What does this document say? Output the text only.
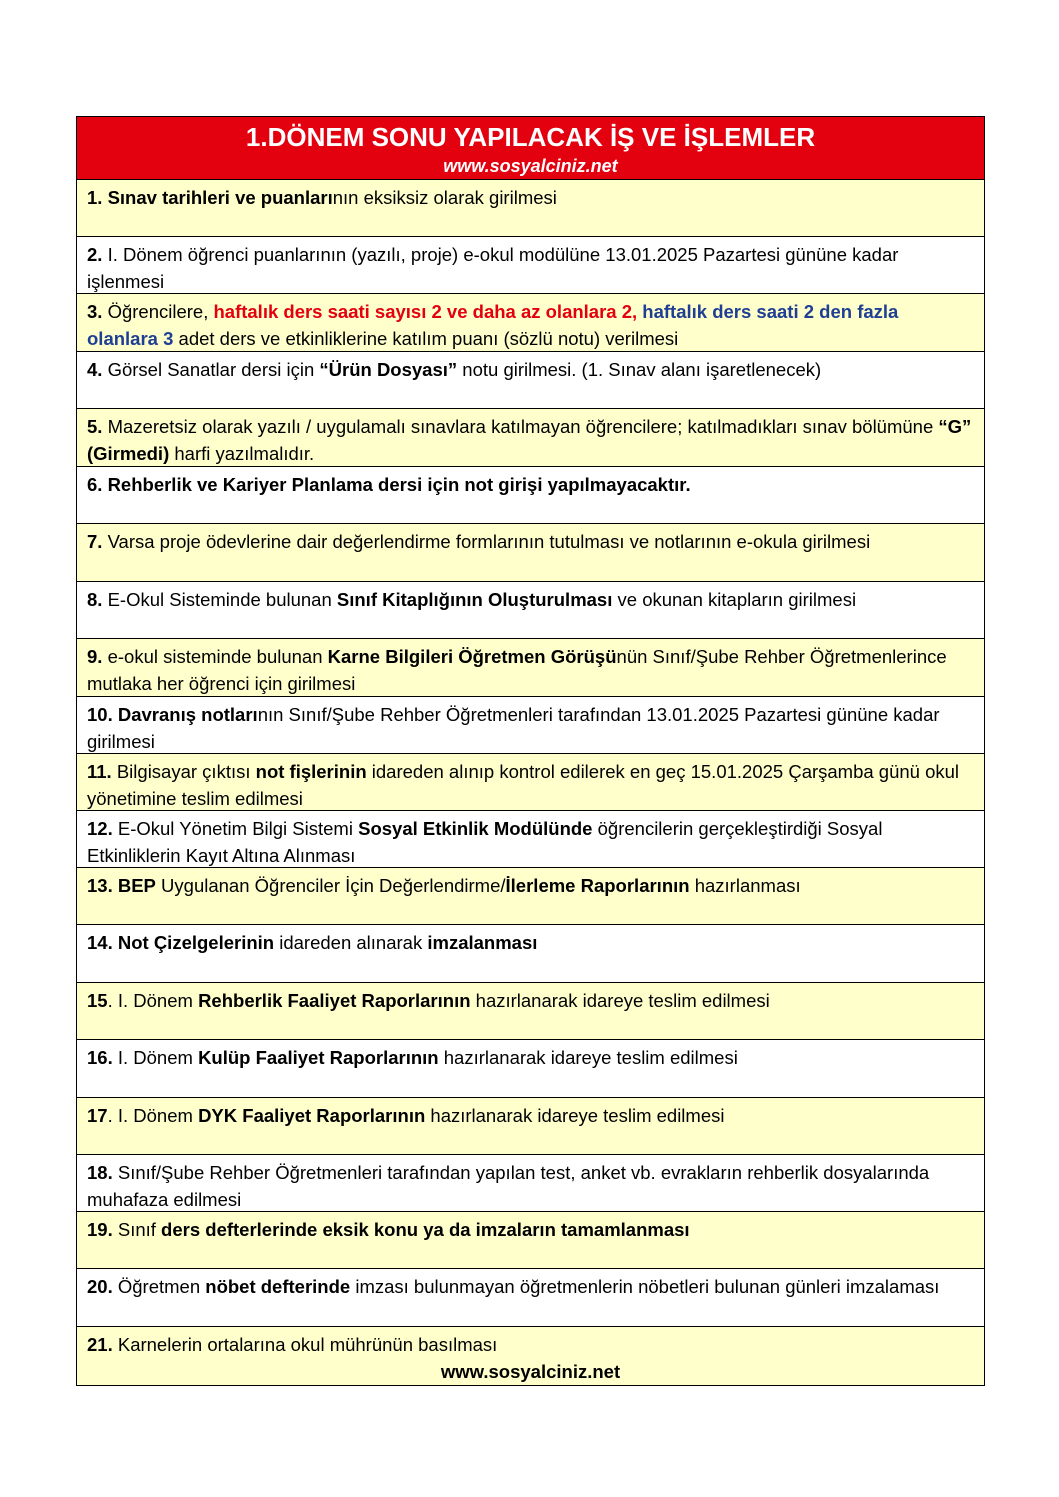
1.DÖNEM SONU YAPILACAK İŞ VE İŞLEMLER
www.sosyalciniz.net
1. Sınav tarihleri ve puanlarının eksiksiz olarak girilmesi
2. I. Dönem öğrenci puanlarının (yazılı, proje) e-okul modülüne 13.01.2025 Pazartesi gününe kadar işlenmesi
3. Öğrencilere, haftalık ders saati sayısı 2 ve daha az olanlara 2, haftalık ders saati 2 den fazla olanlara 3 adet ders ve etkinliklerine katılım puanı (sözlü notu) verilmesi
4. Görsel Sanatlar dersi için “Ürün Dosyası” notu girilmesi. (1. Sınav alanı işaretlenecek)
5. Mazeretsiz olarak yazılı / uygulamalı sınavlara katılmayan öğrencilere; katılmadıkları sınav bölümüne “G” (Girmedi) harfi yazılmalıdır.
6. Rehberlik ve Kariyer Planlama dersi için not girişi yapılmayacaktır.
7. Varsa proje ödevlerine dair değerlendirme formlarının tutulması ve notlarının e-okula girilmesi
8. E-Okul Sisteminde bulunan Sınıf Kitaplığının Oluşturulması ve okunan kitapların girilmesi
9. e-okul sisteminde bulunan Karne Bilgileri Öğretmen Görüşünün Sınıf/Şube Rehber Öğretmenlerince mutlaka her öğrenci için girilmesi
10. Davranış notlarının Sınıf/Şube Rehber Öğretmenleri tarafından 13.01.2025 Pazartesi gününe kadar girilmesi
11. Bilgisayar çıktısı not fişlerinin idareden alınıp kontrol edilerek en geç 15.01.2025 Çarşamba günü okul yönetimine teslim edilmesi
12. E-Okul Yönetim Bilgi Sistemi Sosyal Etkinlik Modülünde öğrencilerin gerçekleştirdiği Sosyal Etkinliklerin Kayıt Altına Alınması
13. BEP Uygulanan Öğrenciler İçin Değerlendirme/İlerleme Raporlarının hazırlanması
14. Not Çizelgelerinin idareden alınarak imzalanması
15. I. Dönem Rehberlik Faaliyet Raporlarının hazırlanarak idareye teslim edilmesi
16. I. Dönem Kulüp Faaliyet Raporlarının hazırlanarak idareye teslim edilmesi
17. I. Dönem DYK Faaliyet Raporlarının hazırlanarak idareye teslim edilmesi
18. Sınıf/Şube Rehber Öğretmenleri tarafından yapılan test, anket vb. evrakların rehberlik dosyalarında muhafaza edilmesi
19. Sınıf ders defterlerinde eksik konu ya da imzaların tamamlanması
20. Öğretmen nöbet defterinde imzası bulunmayan öğretmenlerin nöbetleri bulunan günleri imzalaması
21. Karnelerin ortalarına okul mührünün basılması
www.sosyalciniz.net
